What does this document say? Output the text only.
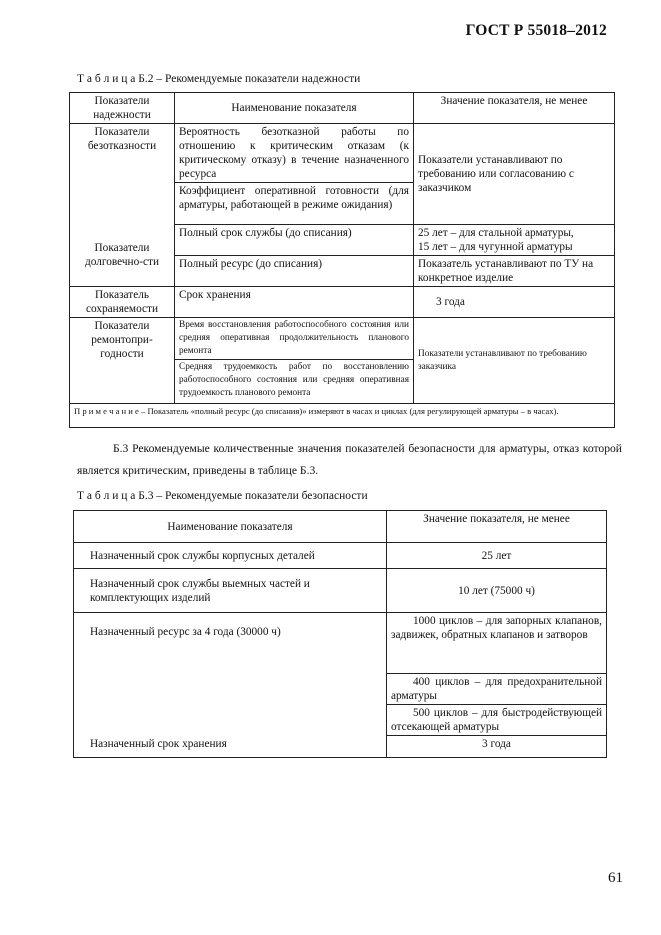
ГОСТ Р 55018–2012
Т а б л и ц а Б.2 – Рекомендуемые показатели надежности
Показатели надежности	Наименование показателя	Значение показателя, не менее
Показатели безотказности	Вероятность безотказной работы по отношению к критическим отказам (к критическому отказу) в течение назначенного ресурса	Показатели устанавливают по требованию или согласованию с заказчиком
	Коэффициент оперативной готовности (для арматуры, работающей в режиме ожидания)	
Показатели долговечно-сти	Полный срок службы (до списания)	25 лет – для стальной арматуры,
15 лет – для чугунной арматуры

	Полный ресурс (до списания)	Показатель устанавливают по ТУ на конкретное изделие
Показатель сохраняемости	Срок хранения	3 года
Показатели ремонтопри-годности	Время восстановления работоспособного состояния или средняя оперативная продолжительность планового ремонта	Показатели устанавливают по требованию заказчика
	Средняя трудоемкость работ по восстановлению работоспособного состояния или средняя оперативная трудоемкость планового ремонта	
П р и м е ч а н и е – Показатель «полный ресурс (до списания)» измеряют в часах и циклах (для регулирующей арматуры – в часах).		
Б.3 Рекомендуемые количественные значения показателей безопасности для арматуры, отказ которой является критическим, приведены в таблице Б.3.
Т а б л и ц а Б.3 – Рекомендуемые показатели безопасности
Наименование показателя	Значение показателя, не менее
Назначенный срок службы корпусных деталей	25 лет
Назначенный срок службы выемных частей и комплектующих изделий	10 лет (75000 ч)
Назначенный ресурс за 4 года (30000 ч)	1000 циклов – для запорных клапанов, задвижек, обратных клапанов и затворов
	400 циклов – для предохранительной арматуры
	500 циклов – для быстродействующей отсекающей арматуры
Назначенный срок хранения	3 года
61
